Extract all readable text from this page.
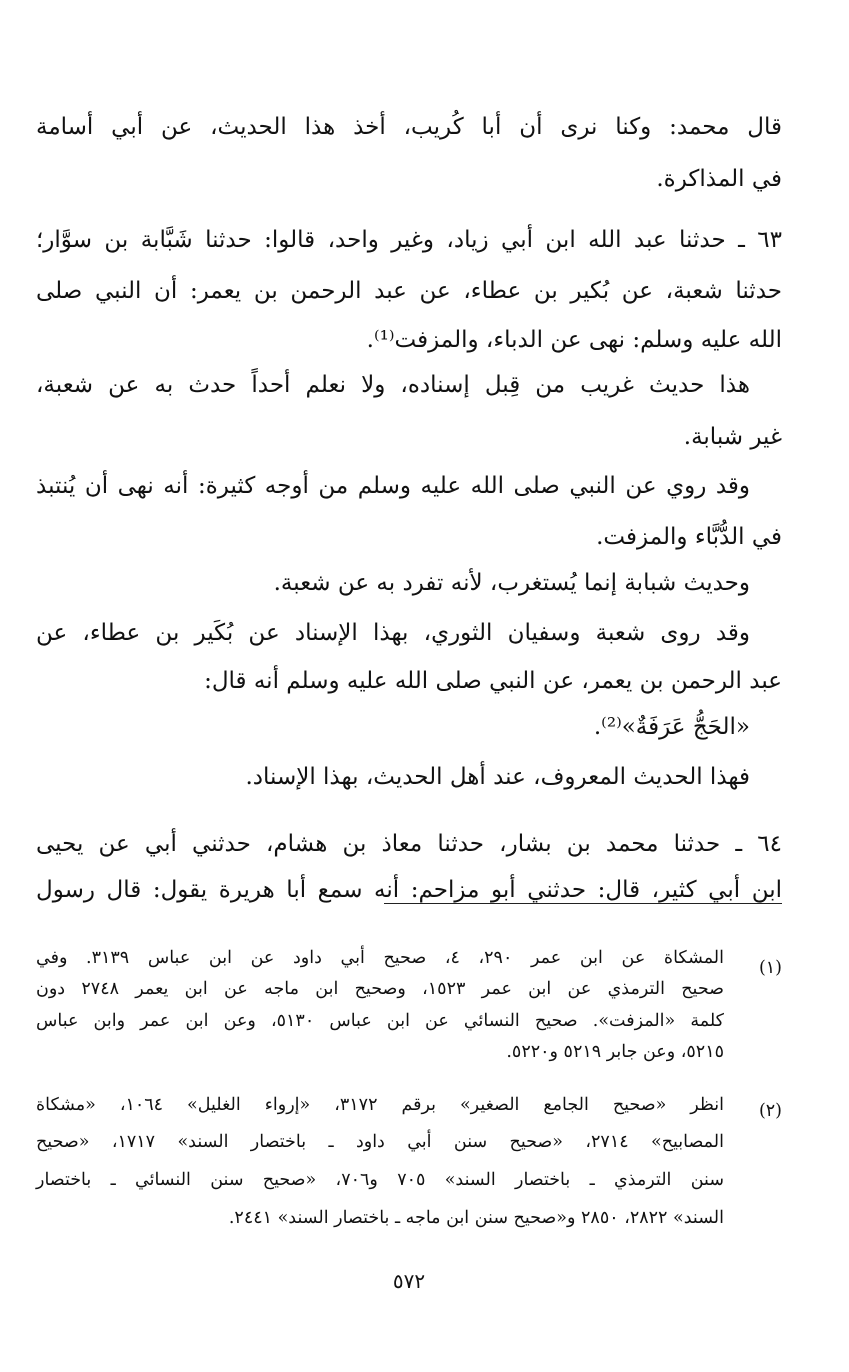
قال محمد: وكنا نرى أن أبا كُريب، أخذ هذا الحديث، عن أبي أسامة
في المذاكرة.
٦٣ ـ حدثنا عبد الله ابن أبي زياد، وغير واحد، قالوا: حدثنا شَبَّابة بن سوَّار؛
حدثنا شعبة، عن بُكير بن عطاء، عن عبد الرحمن بن يعمر: أن النبي صلى
الله عليه وسلم: نهى عن الدباء، والمزفت⁽¹⁾.
هذا حديث غريب من قِبل إسناده، ولا نعلم أحداً حدث به عن شعبة،
غير شبابة.
وقد روي عن النبي صلى الله عليه وسلم من أوجه كثيرة: أنه نهى أن يُنتبذ
في الدُّبَّاء والمزفت.
وحديث شبابة إنما يُستغرب، لأنه تفرد به عن شعبة.
وقد روى شعبة وسفيان الثوري، بهذا الإسناد عن بُكَير بن عطاء، عن
عبد الرحمن بن يعمر، عن النبي صلى الله عليه وسلم أنه قال:
«الحَجُّ عَرَفَةٌ»⁽²⁾.
فهذا الحديث المعروف، عند أهل الحديث، بهذا الإسناد.
٦٤ ـ حدثنا محمد بن بشار، حدثنا معاذ بن هشام، حدثني أبي عن يحيى
ابن أبي كثير، قال: حدثني أبو مزاحم: أنه سمع أبا هريرة يقول: قال رسول
(١)
المشكاة عن ابن عمر ٢٩٠، ٤، صحيح أبي داود عن ابن عباس ٣١٣٩. وفي
صحيح الترمذي عن ابن عمر ١٥٢٣، وصحيح ابن ماجه عن ابن يعمر ٢٧٤٨ دون
كلمة «المزفت». صحيح النسائي عن ابن عباس ٥١٣٠، وعن ابن عمر وابن عباس
٥٢١٥، وعن جابر ٥٢١٩ و٥٢٢٠.
(٢)
انظر «صحيح الجامع الصغير» برقم ٣١٧٢، «إرواء الغليل» ١٠٦٤، «مشكاة
المصابيح» ٢٧١٤، «صحيح سنن أبي داود ـ باختصار السند» ١٧١٧، «صحيح
سنن الترمذي ـ باختصار السند» ٧٠٥ و٧٠٦، «صحيح سنن النسائي ـ باختصار
السند» ٢٨٢٢، ٢٨٥٠ و«صحيح سنن ابن ماجه ـ باختصار السند» ٢٤٤١.
٥٧٢
